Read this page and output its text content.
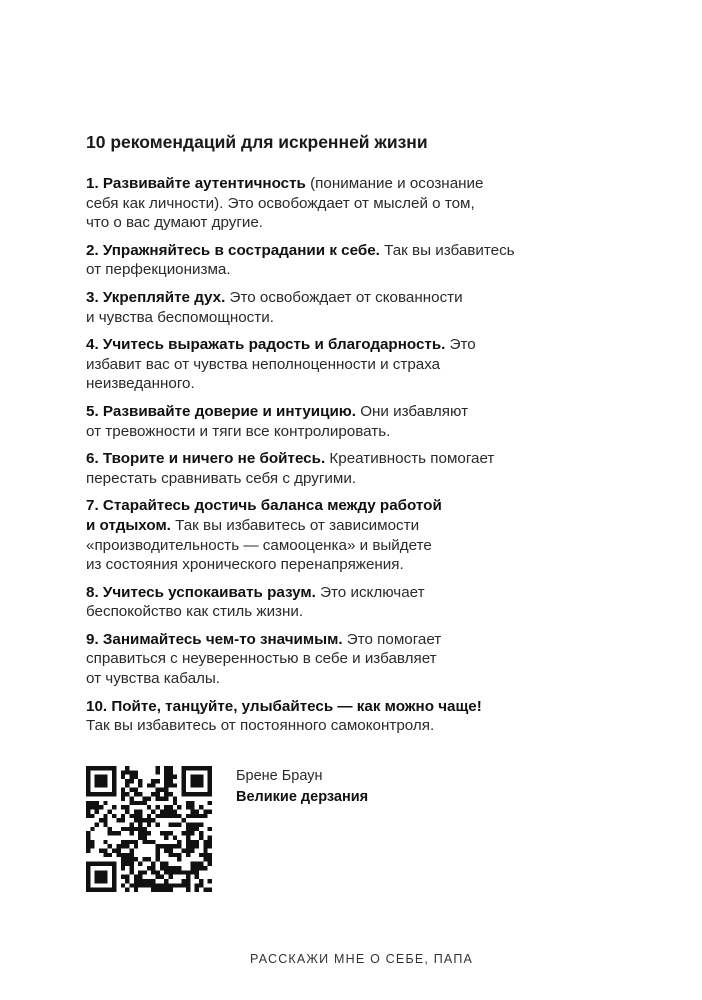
10 рекомендаций для искренней жизни
1. Развивайте аутентичность (понимание и осознание
себя как личности). Это освобождает от мыслей о том,
что о вас думают другие.
2. Упражняйтесь в сострадании к себе. Так вы избавитесь
от перфекционизма.
3. Укрепляйте дух. Это освобождает от скованности
и чувства беспомощности.
4. Учитесь выражать радость и благодарность. Это
избавит вас от чувства неполноценности и страха
неизведанного.
5. Развивайте доверие и интуицию. Они избавляют
от тревожности и тяги все контролировать.
6. Творите и ничего не бойтесь. Креативность помогает
перестать сравнивать себя с другими.
7. Старайтесь достичь баланса между работой
и отдыхом. Так вы избавитесь от зависимости
«производительность — самооценка» и выйдете
из состояния хронического перенапряжения.
8. Учитесь успокаивать разум. Это исключает
беспокойство как стиль жизни.
9. Занимайтесь чем-то значимым. Это помогает
справиться с неуверенностью в себе и избавляет
от чувства кабалы.
10. Пойте, танцуйте, улыбайтесь — как можно чаще!
Так вы избавитесь от постоянного самоконтроля.
Брене Браун
Великие дерзания
РАССКАЖИ МНЕ О СЕБЕ, ПАПА
